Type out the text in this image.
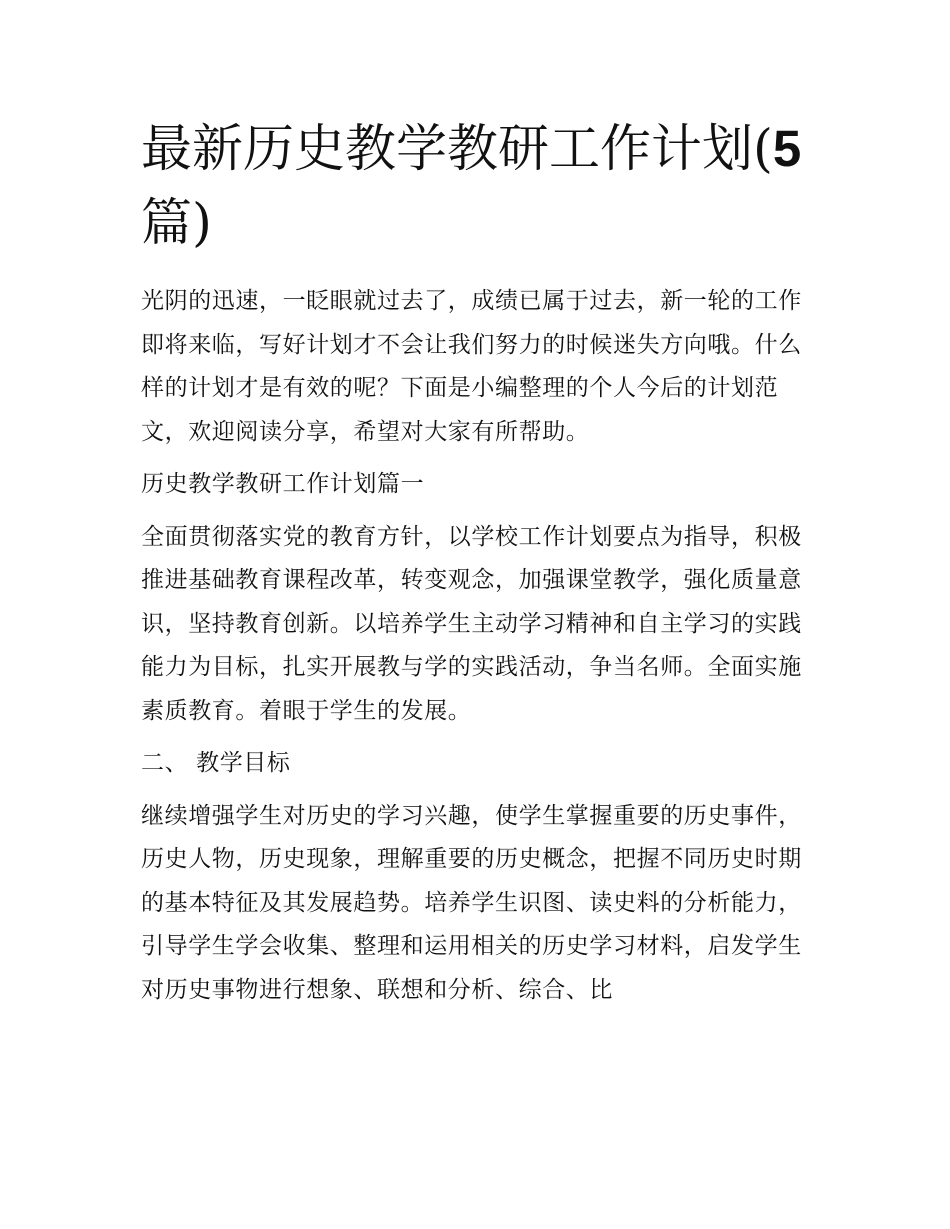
最新历史教学教研工作计划(5
篇)

光阴的迅速，一眨眼就过去了，成绩已属于过去，新一轮的工作即将来临，写好计划才不会让我们努力的时候迷失方向哦。什么样的计划才是有效的呢？下面是小编整理的个人今后的计划范文，欢迎阅读分享，希望对大家有所帮助。

历史教学教研工作计划篇一

全面贯彻落实党的教育方针，以学校工作计划要点为指导，积极推进基础教育课程改革，转变观念，加强课堂教学，强化质量意识，坚持教育创新。以培养学生主动学习精神和自主学习的实践能力为目标，扎实开展教与学的实践活动，争当名师。全面实施素质教育。着眼于学生的发展。

二、 教学目标

继续增强学生对历史的学习兴趣，使学生掌握重要的历史事件，历史人物，历史现象，理解重要的历史概念，把握不同历史时期的基本特征及其发展趋势。培养学生识图、读史料的分析能力，引导学生学会收集、整理和运用相关的历史学习材料，启发学生对历史事物进行想象、联想和分析、综合、比
